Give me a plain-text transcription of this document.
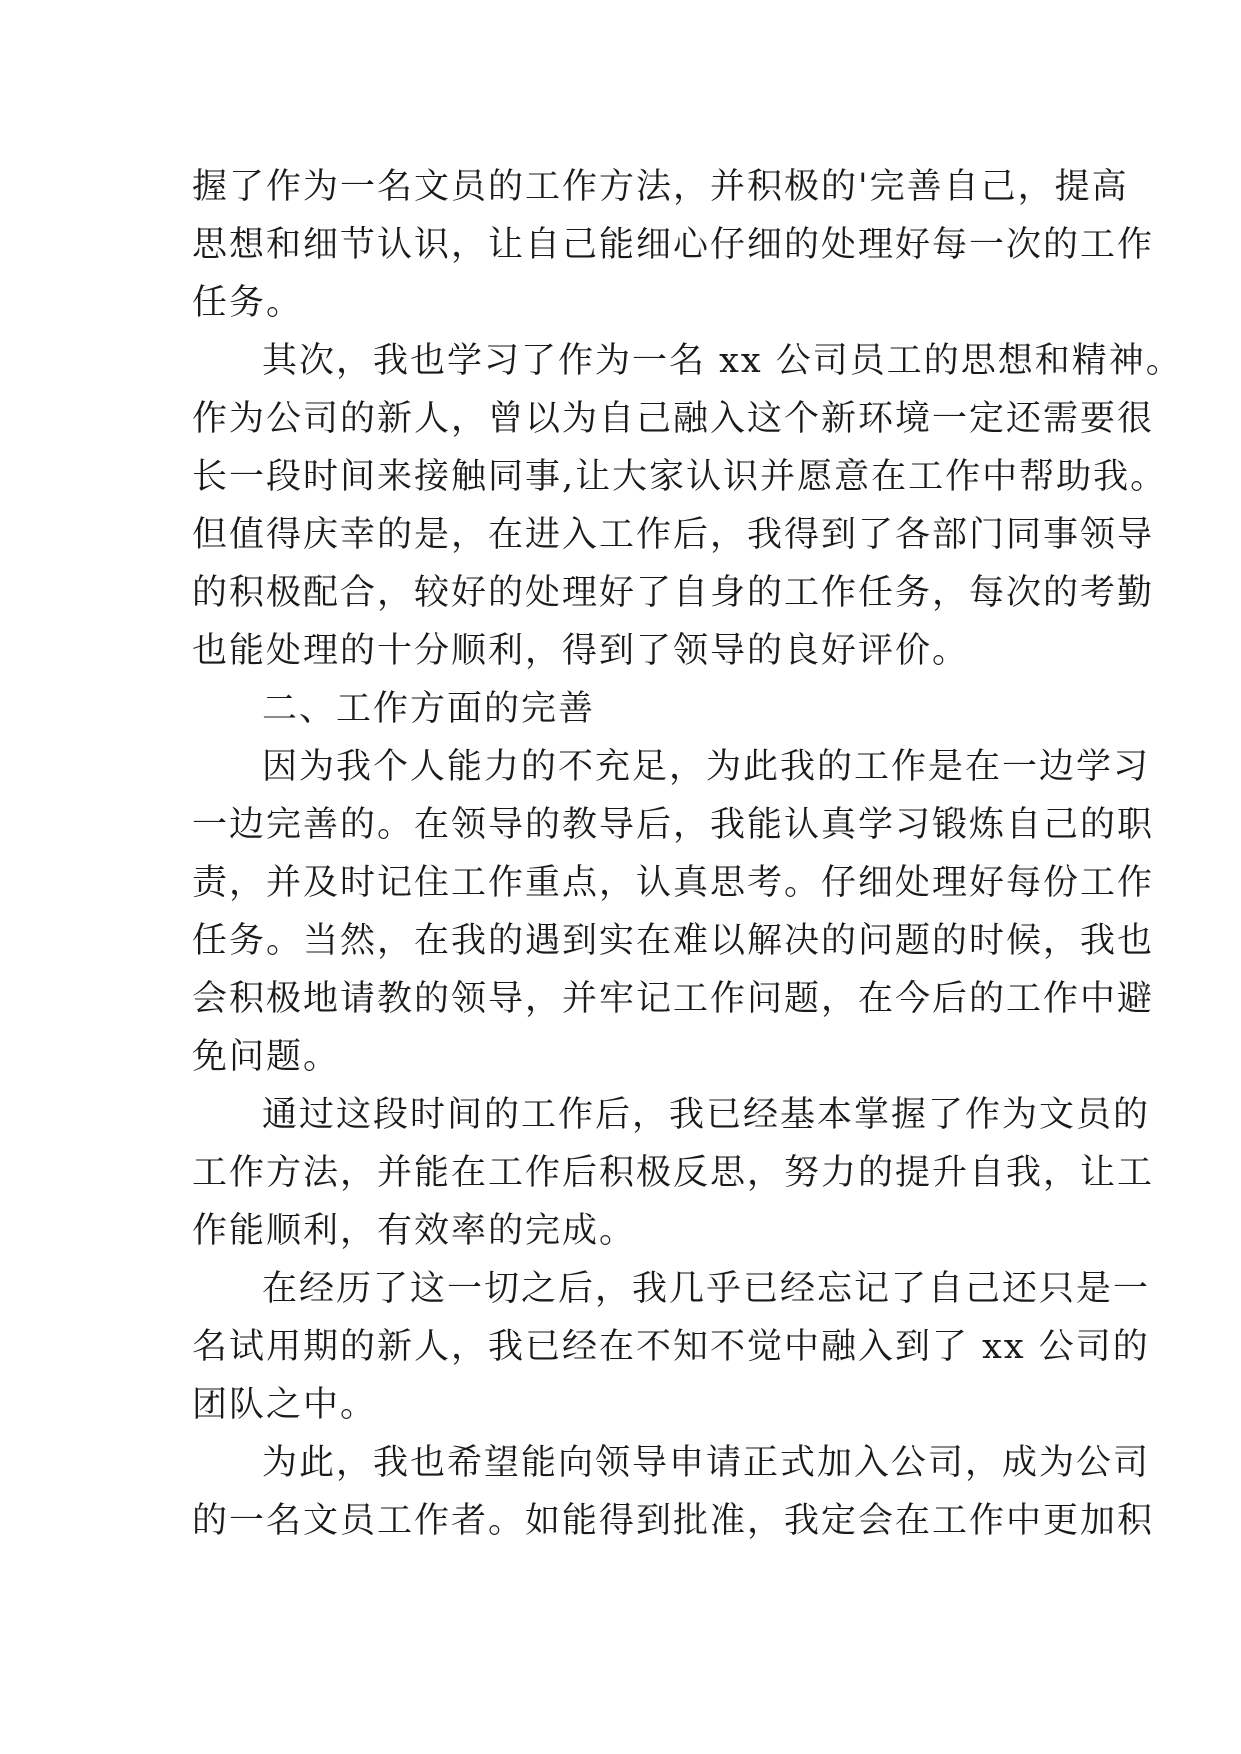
握了作为一名文员的工作方法，并积极的'完善自己，提高
思想和细节认识，让自己能细心仔细的处理好每一次的工作
任务。
其次，我也学习了作为一名 xx 公司员工的思想和精神。
作为公司的新人，曾以为自己融入这个新环境一定还需要很
长一段时间来接触同事,让大家认识并愿意在工作中帮助我。
但值得庆幸的是，在进入工作后，我得到了各部门同事领导
的积极配合，较好的处理好了自身的工作任务，每次的考勤
也能处理的十分顺利，得到了领导的良好评价。
二、工作方面的完善
因为我个人能力的不充足，为此我的工作是在一边学习
一边完善的。在领导的教导后，我能认真学习锻炼自己的职
责，并及时记住工作重点，认真思考。仔细处理好每份工作
任务。当然，在我的遇到实在难以解决的问题的时候，我也
会积极地请教的领导，并牢记工作问题，在今后的工作中避
免问题。
通过这段时间的工作后，我已经基本掌握了作为文员的
工作方法，并能在工作后积极反思，努力的提升自我，让工
作能顺利，有效率的完成。
在经历了这一切之后，我几乎已经忘记了自己还只是一
名试用期的新人，我已经在不知不觉中融入到了 xx 公司的
团队之中。
为此，我也希望能向领导申请正式加入公司，成为公司
的一名文员工作者。如能得到批准，我定会在工作中更加积
